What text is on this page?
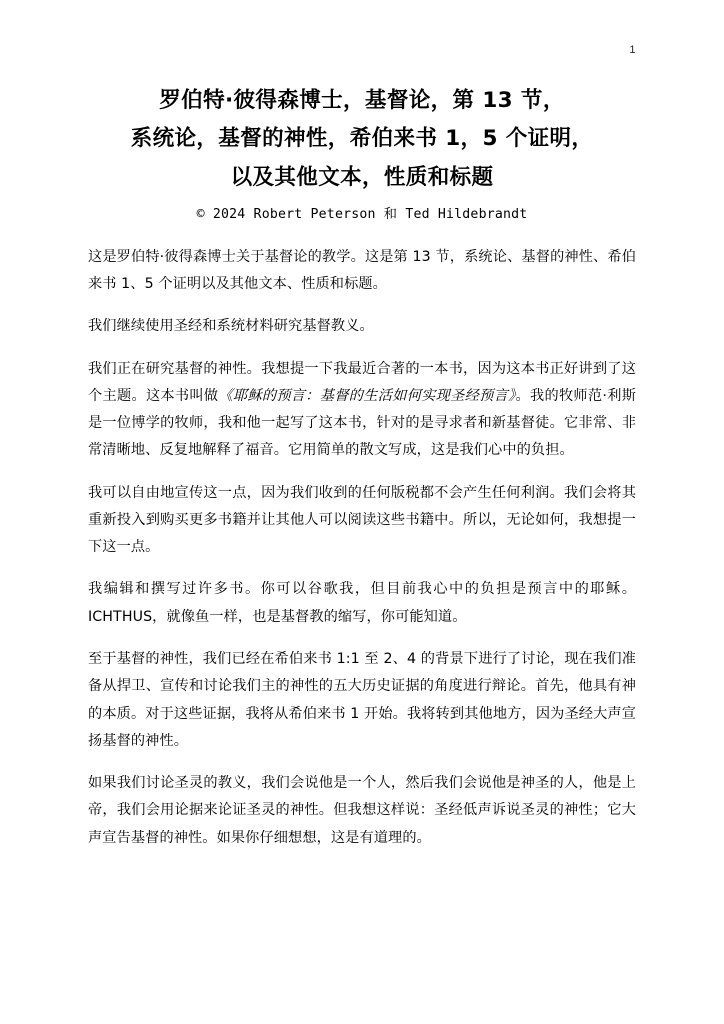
1
罗伯特·彼得森博士，基督论，第 13 节，
系统论，基督的神性，希伯来书 1，5 个证明，
以及其他文本，性质和标题
© 2024 Robert Peterson 和 Ted Hildebrandt

这是罗伯特·彼得森博士关于基督论的教学。这是第 13 节，系统论、基督的神性、希伯来书 1、5 个证明以及其他文本、性质和标题。

我们继续使用圣经和系统材料研究基督教义。

我们正在研究基督的神性。我想提一下我最近合著的一本书，因为这本书正好讲到了这个主题。这本书叫做《耶稣的预言：基督的生活如何实现圣经预言》。我的牧师范·利斯是一位博学的牧师，我和他一起写了这本书，针对的是寻求者和新基督徒。它非常、非常清晰地、反复地解释了福音。它用简单的散文写成，这是我们心中的负担。

我可以自由地宣传这一点，因为我们收到的任何版税都不会产生任何利润。我们会将其重新投入到购买更多书籍并让其他人可以阅读这些书籍中。所以，无论如何，我想提一下这一点。

我编辑和撰写过许多书。你可以谷歌我，但目前我心中的负担是预言中的耶稣。ICHTHUS，就像鱼一样，也是基督教的缩写，你可能知道。

至于基督的神性，我们已经在希伯来书 1:1 至 2、4 的背景下进行了讨论，现在我们准备从捍卫、宣传和讨论我们主的神性的五大历史证据的角度进行辩论。首先，他具有神的本质。对于这些证据，我将从希伯来书 1 开始。我将转到其他地方，因为圣经大声宣扬基督的神性。

如果我们讨论圣灵的教义，我们会说他是一个人，然后我们会说他是神圣的人，他是上帝，我们会用论据来论证圣灵的神性。但我想这样说：圣经低声诉说圣灵的神性；它大声宣告基督的神性。如果你仔细想想，这是有道理的。
